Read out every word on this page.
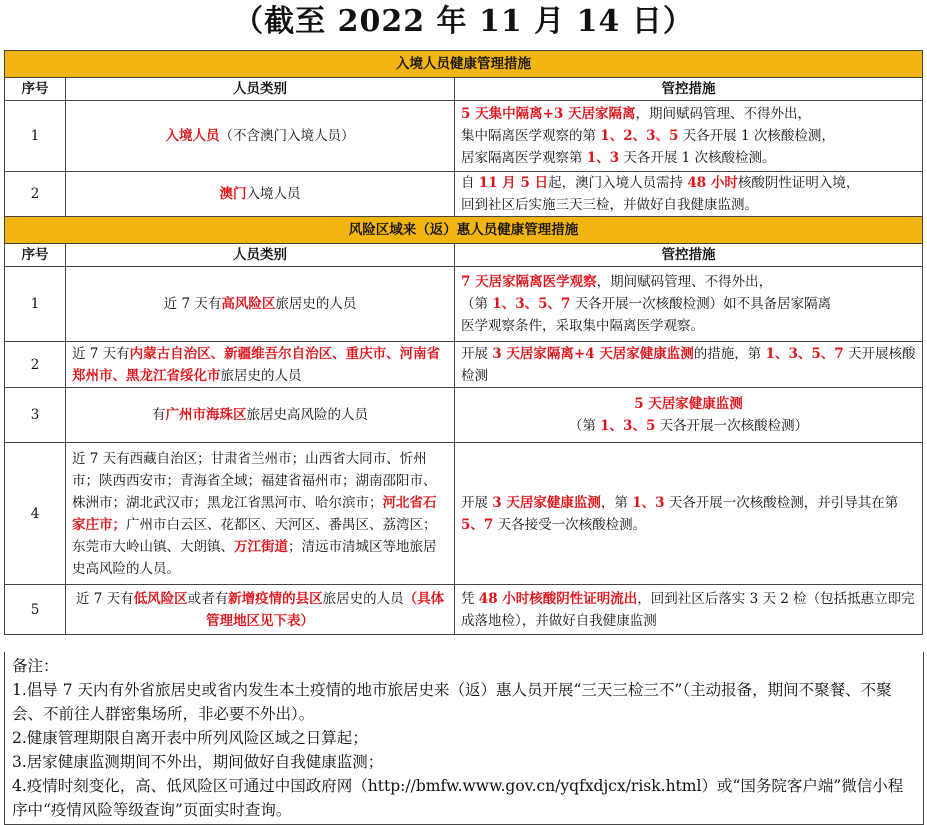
（截至 2022 年 11 月 14 日）
入境人员健康管理措施		
序号	人员类别	管控措施
1	入境人员（不含澳门入境人员）	5 天集中隔离+3 天居家隔离，期间赋码管理、不得外出，
集中隔离医学观察的第 1、2、3、5 天各开展 1 次核酸检测，
居家隔离医学观察第 1、3 天各开展 1 次核酸检测。

2	澳门入境人员	自 11 月 5 日起，澳门入境人员需持 48 小时核酸阴性证明入境，
回到社区后实施三天三检，并做好自我健康监测。

风险区域来（返）惠人员健康管理措施		
序号	人员类别	管控措施
1	近 7 天有高风险区旅居史的人员	7 天居家隔离医学观察，期间赋码管理、不得外出，
（第 1、3、5、7 天各开展一次核酸检测）如不具备居家隔离
医学观察条件，采取集中隔离医学观察。

2	近 7 天有内蒙古自治区、新疆维吾尔自治区、重庆市、河南省郑州市、黑龙江省绥化市旅居史的人员	开展 3 天居家隔离+4 天居家健康监测的措施，第 1、3、5、7 天开展核酸检测

3	有广州市海珠区旅居史高风险的人员	5 天居家健康监测
（第 1、3、5 天各开展一次核酸检测）

4	近 7 天有西藏自治区；甘肃省兰州市；山西省大同市、忻州市；陕西西安市；青海省全域；福建省福州市；湖南邵阳市、株洲市；湖北武汉市；黑龙江省黑河市、哈尔滨市；河北省石家庄市；广州市白云区、花都区、天河区、番禺区、荔湾区；东莞市大岭山镇、大朗镇、万江街道；清远市清城区等地旅居史高风险的人员。	开展 3 天居家健康监测，第 1、3 天各开展一次核酸检测，并引导其在第 5、7 天各接受一次核酸检测。

5	近 7 天有低风险区或者有新增疫情的县区旅居史的人员（具体管理地区见下表）	凭 48 小时核酸阴性证明流出，回到社区后落实 3 天 2 检（包括抵惠立即完成落地检），并做好自我健康监测
备注：
1.倡导 7 天内有外省旅居史或省内发生本土疫情的地市旅居史来（返）惠人员开展“三天三检三不”（主动报备，期间不聚餐、不聚会、不前往人群密集场所，非必要不外出）。
2.健康管理期限自离开表中所列风险区域之日算起；
3.居家健康监测期间不外出，期间做好自我健康监测；
4.疫情时刻变化，高、低风险区可通过中国政府网（http://bmfw.www.gov.cn/yqfxdjcx/risk.html）或“国务院客户端”微信小程序中“疫情风险等级查询”页面实时查询。
